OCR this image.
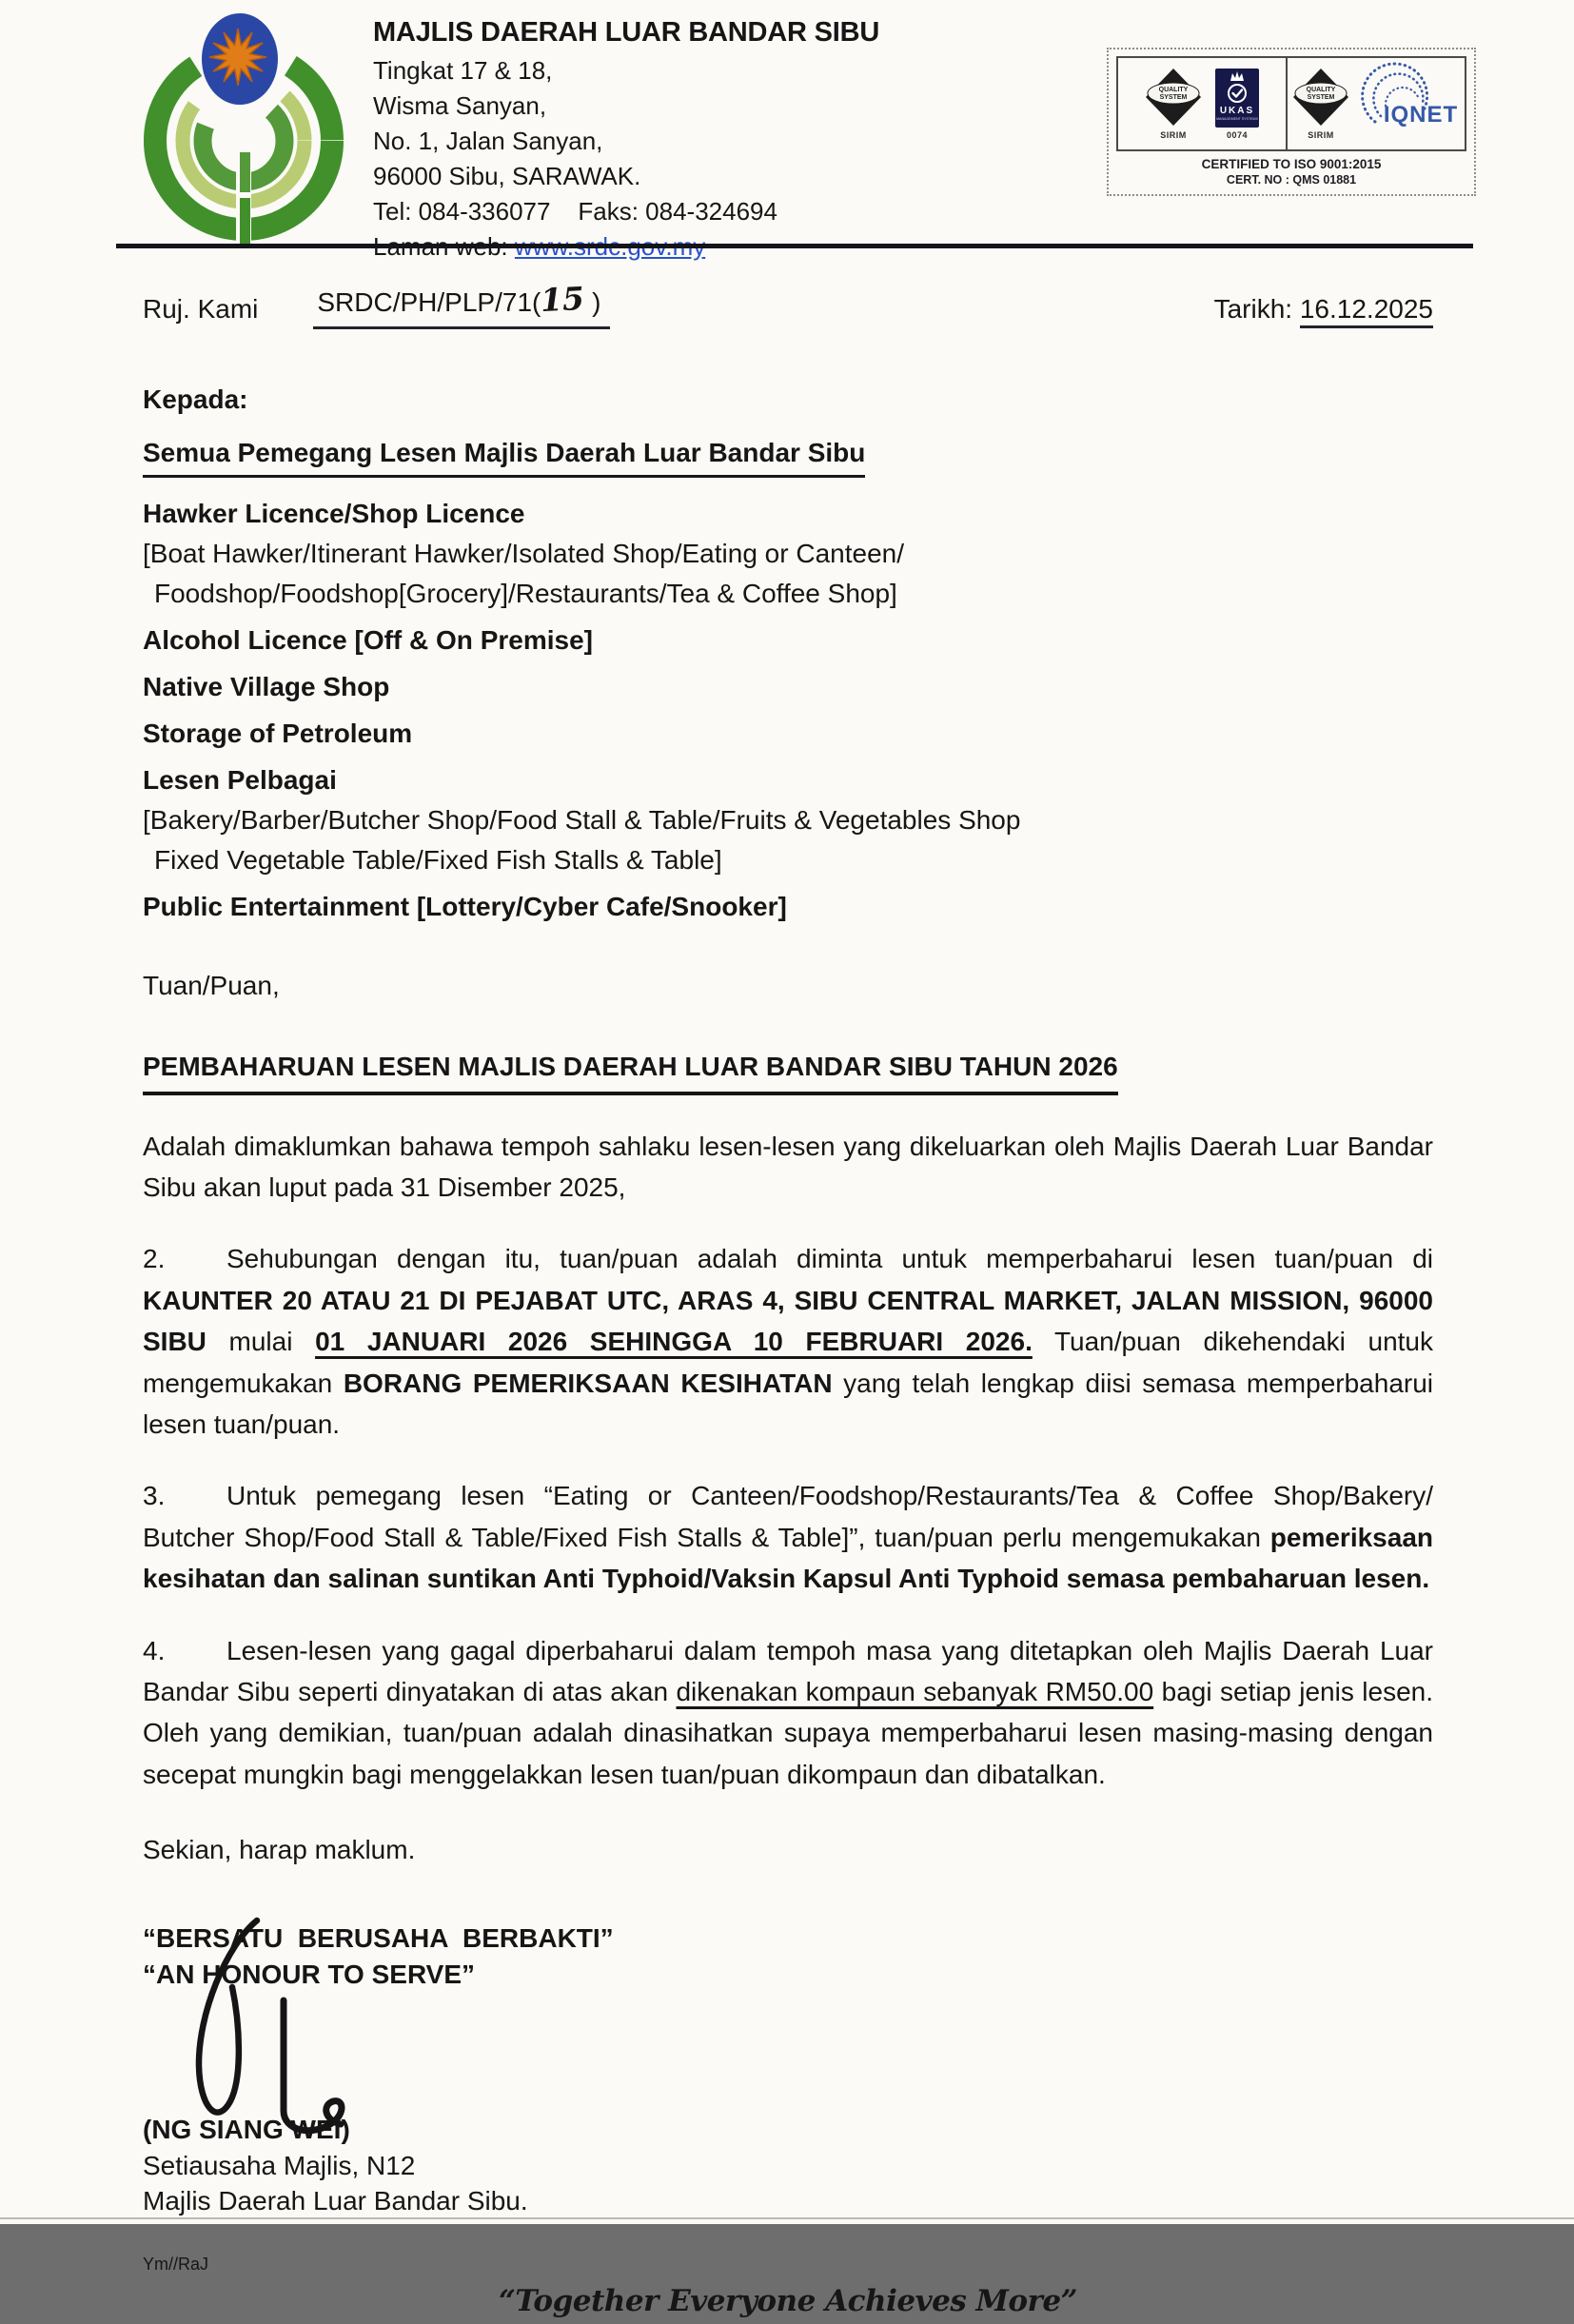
MAJLIS DAERAH LUAR BANDAR SIBU
Tingkat 17 & 18,
Wisma Sanyan,
No. 1, Jalan Sanyan,
96000 Sibu, SARAWAK.
Tel: 084-336077 Faks: 084-324694
QUALITY
SYSTEM
SIRIM
UKAS
MANAGEMENT SYSTEMS
0074
QUALITY
SYSTEM
SIRIM
IQNET
CERTIFIED TO ISO 9001:2015
CERT. NO : QMS 01881
Ruj. Kami SRDC/PH/PLP/71(15 )	Tarikh: 16.12.2025
Kepada:
Semua Pemegang Lesen Majlis Daerah Luar Bandar Sibu
Hawker Licence/Shop Licence
[Boat Hawker/Itinerant Hawker/Isolated Shop/Eating or Canteen/
Foodshop/Foodshop[Grocery]/Restaurants/Tea & Coffee Shop]
Alcohol Licence [Off & On Premise]
Native Village Shop
Storage of Petroleum
Lesen Pelbagai
[Bakery/Barber/Butcher Shop/Food Stall & Table/Fruits & Vegetables Shop
Fixed Vegetable Table/Fixed Fish Stalls & Table]
Public Entertainment [Lottery/Cyber Cafe/Snooker]
Tuan/Puan,
PEMBAHARUAN LESEN MAJLIS DAERAH LUAR BANDAR SIBU TAHUN 2026
Adalah dimaklumkan bahawa tempoh sahlaku lesen-lesen yang dikeluarkan oleh Majlis Daerah Luar Bandar Sibu akan luput pada 31 Disember 2025,
2. Sehubungan dengan itu, tuan/puan adalah diminta untuk memperbaharui lesen tuan/puan di KAUNTER 20 ATAU 21 DI PEJABAT UTC, ARAS 4, SIBU CENTRAL MARKET, JALAN MISSION, 96000 SIBU mulai 01 JANUARI 2026 SEHINGGA 10 FEBRUARI 2026. Tuan/puan dikehendaki untuk mengemukakan BORANG PEMERIKSAAN KESIHATAN yang telah lengkap diisi semasa memperbaharui lesen tuan/puan.
3. Untuk pemegang lesen “Eating or Canteen/Foodshop/Restaurants/Tea & Coffee Shop/Bakery/ Butcher Shop/Food Stall & Table/Fixed Fish Stalls & Table]”, tuan/puan perlu mengemukakan pemeriksaan kesihatan dan salinan suntikan Anti Typhoid/Vaksin Kapsul Anti Typhoid semasa pembaharuan lesen.
4. Lesen-lesen yang gagal diperbaharui dalam tempoh masa yang ditetapkan oleh Majlis Daerah Luar Bandar Sibu seperti dinyatakan di atas akan dikenakan kompaun sebanyak RM50.00 bagi setiap jenis lesen. Oleh yang demikian, tuan/puan adalah dinasihatkan supaya memperbaharui lesen masing-masing dengan secepat mungkin bagi menggelakkan lesen tuan/puan dikompaun dan dibatalkan.
Sekian, harap maklum.
“BERSATU  BERUSAHA  BERBAKTI”
“AN HONOUR TO SERVE”
(NG SIANG WEI)
Setiausaha Majlis, N12
Majlis Daerah Luar Bandar Sibu.
Ym//RaJ
“Together Everyone Achieves More”
